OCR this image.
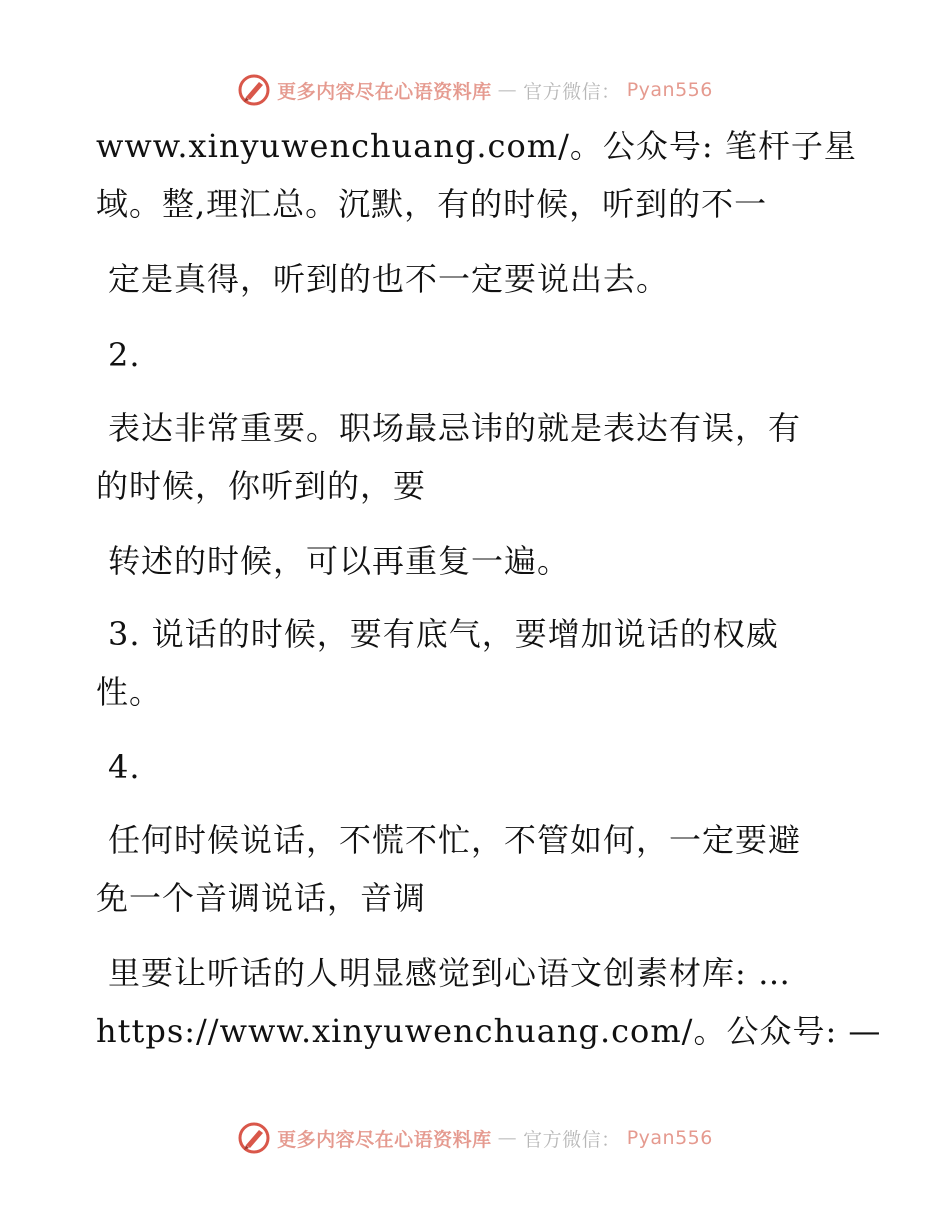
更多内容尽在心语资料库 — 官方微信： Pyan556
www.xinyuwenchuang.com/。公众号: 笔杆子星
域。整,理汇总。沉默，有的时候，听到的不一
定是真得，听到的也不一定要说出去。
2.
表达非常重要。职场最忌讳的就是表达有误，有
的时候，你听到的，要
转述的时候，可以再重复一遍。
3. 说话的时候，要有底气，要增加说话的权威
性。
4.
任何时候说话，不慌不忙，不管如何，一定要避
免一个音调说话，音调
里要让听话的人明显感觉到心语文创素材库: …
https://www.xinyuwenchuang.com/。公众号: —
更多内容尽在心语资料库 — 官方微信： Pyan556
